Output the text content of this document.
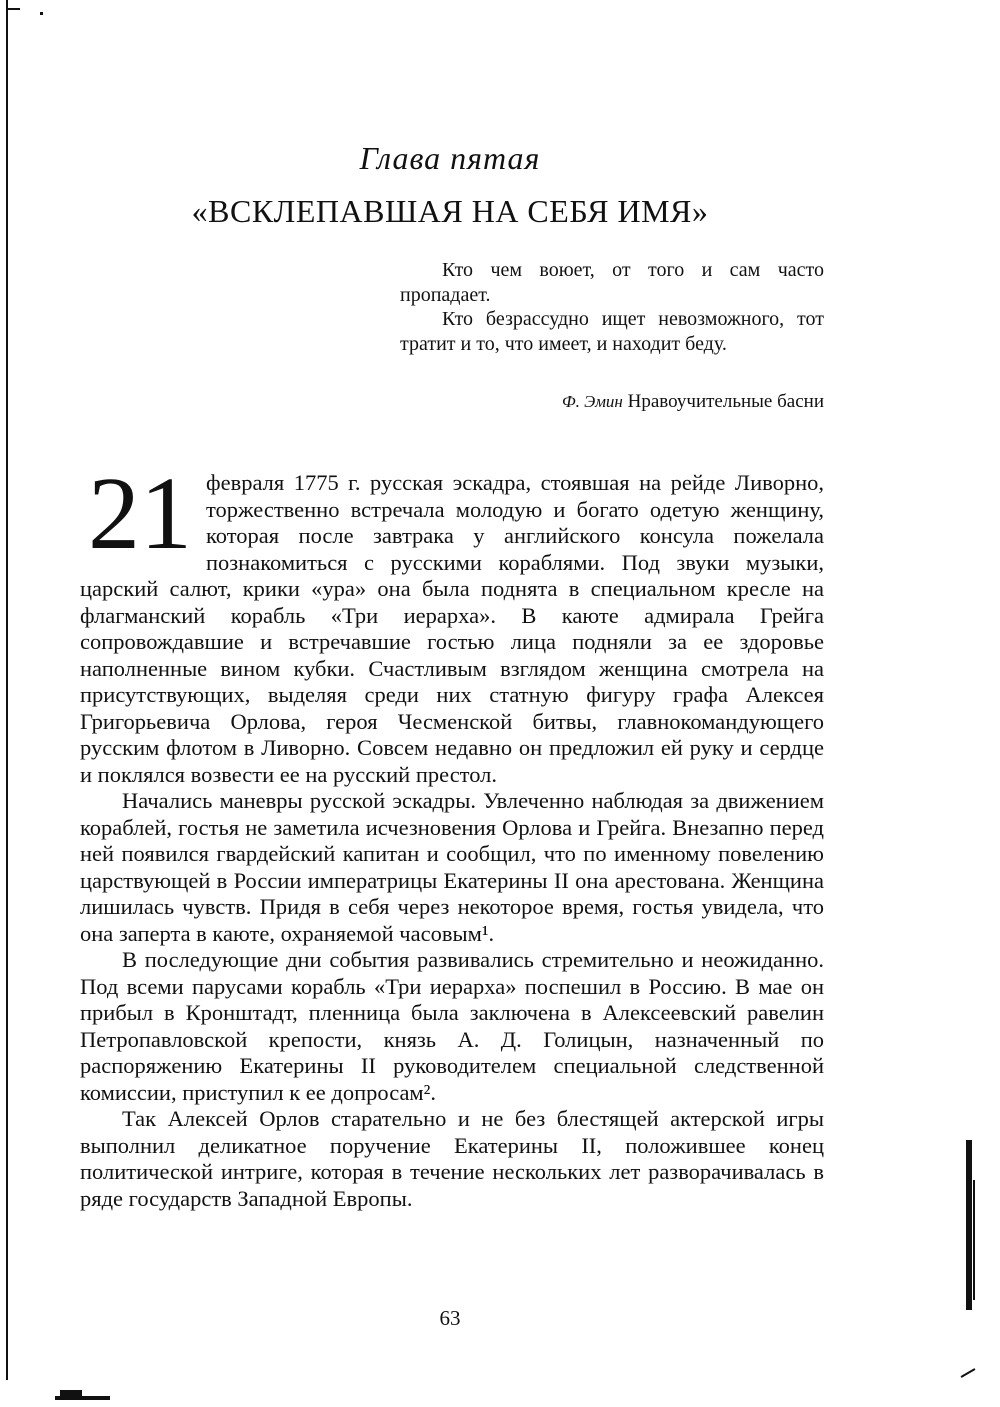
Глава пятая
«ВСКЛЕПАВШАЯ НА СЕБЯ ИМЯ»

Кто чем воюет, от того и сам часто пропадает.

Кто безрассудно ищет невозможного, тот тратит и то, что имеет, и находит беду.

Ф. Эмин Нравоучительные басни

21 февраля 1775 г. русская эскадра, стоявшая на рейде Ливорно, торжественно встречала молодую и богато одетую женщину, которая после завтрака у английского консула пожелала познакомиться с русскими кораблями. Под звуки музыки, царский салют, крики «ура» она была поднята в специальном кресле на флагманский корабль «Три иерарха». В каюте адмирала Грейга сопровождавшие и встречавшие гостью лица подняли за ее здоровье наполненные вином кубки. Счастливым взглядом женщина смотрела на присутствующих, выделяя среди них статную фигуру графа Алексея Григорьевича Орлова, героя Чесменской битвы, главнокомандующего русским флотом в Ливорно. Совсем недавно он предложил ей руку и сердце и поклялся возвести ее на русский престол.

Начались маневры русской эскадры. Увлеченно наблюдая за движением кораблей, гостья не заметила исчезновения Орлова и Грейга. Внезапно перед ней появился гвардейский капитан и сообщил, что по именному повелению царствующей в России императрицы Екатерины II она арестована. Женщина лишилась чувств. Придя в себя через некоторое время, гостья увидела, что она заперта в каюте, охраняемой часовым¹.

В последующие дни события развивались стремительно и неожиданно. Под всеми парусами корабль «Три иерарха» поспешил в Россию. В мае он прибыл в Кронштадт, пленница была заключена в Алексеевский равелин Петропавловской крепости, князь А. Д. Голицын, назначенный по распоряжению Екатерины II руководителем специальной следственной комиссии, приступил к ее допросам².

Так Алексей Орлов старательно и не без блестящей актерской игры выполнил деликатное поручение Екатерины II, положившее конец политической интриге, которая в течение нескольких лет разворачивалась в ряде государств Западной Европы.

63
